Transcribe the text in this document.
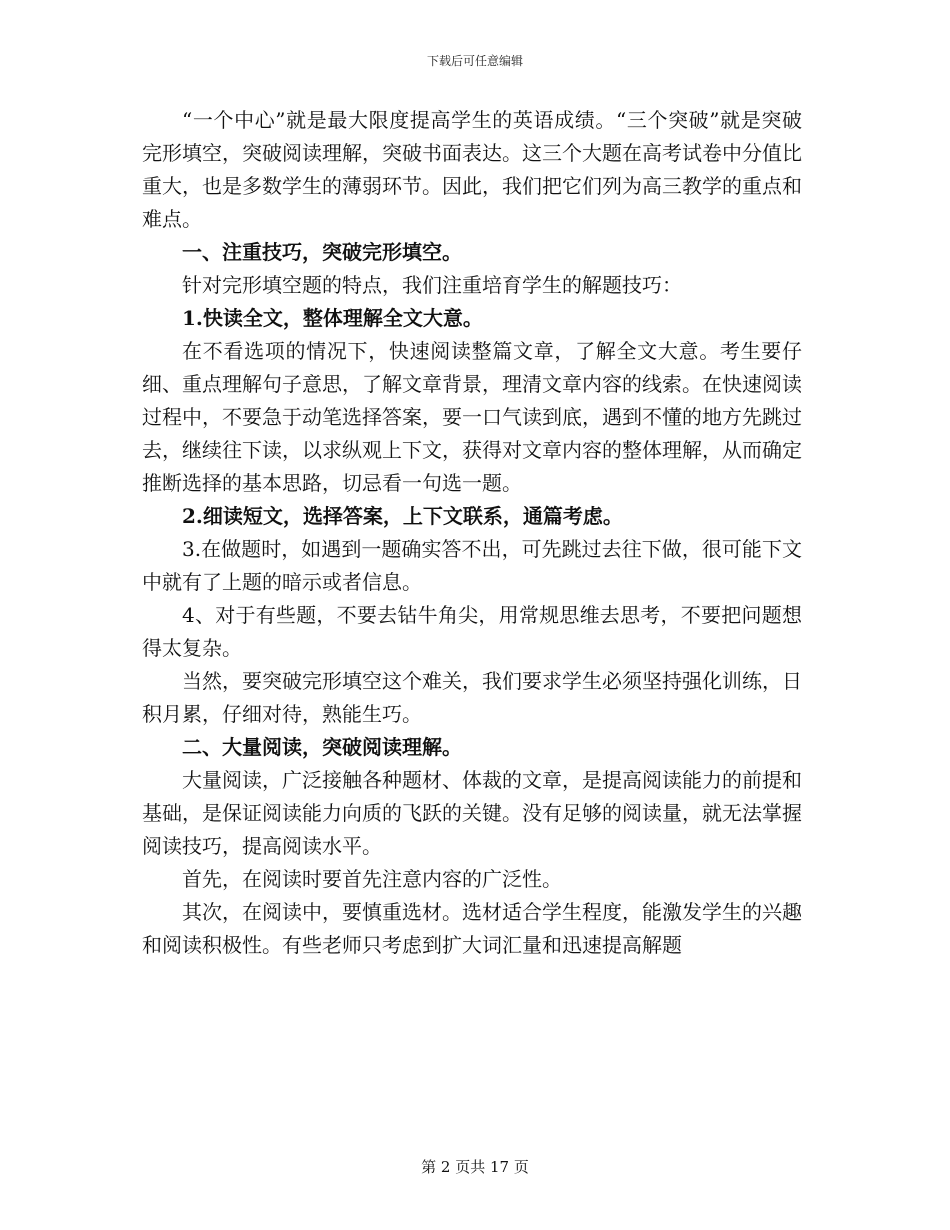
下载后可任意编辑

“一个中心”就是最大限度提高学生的英语成绩。“三个突破”就是突破完形填空，突破阅读理解，突破书面表达。这三个大题在高考试卷中分值比重大，也是多数学生的薄弱环节。因此，我们把它们列为高三教学的重点和难点。

一、注重技巧，突破完形填空。

针对完形填空题的特点，我们注重培育学生的解题技巧：

1.快读全文，整体理解全文大意。

在不看选项的情况下，快速阅读整篇文章，了解全文大意。考生要仔细、重点理解句子意思，了解文章背景，理清文章内容的线索。在快速阅读过程中，不要急于动笔选择答案，要一口气读到底，遇到不懂的地方先跳过去，继续往下读，以求纵观上下文，获得对文章内容的整体理解，从而确定推断选择的基本思路，切忌看一句选一题。

2.细读短文，选择答案，上下文联系，通篇考虑。

3.在做题时，如遇到一题确实答不出，可先跳过去往下做，很可能下文中就有了上题的暗示或者信息。

4、对于有些题，不要去钻牛角尖，用常规思维去思考，不要把问题想得太复杂。

当然，要突破完形填空这个难关，我们要求学生必须坚持强化训练，日积月累，仔细对待，熟能生巧。

二、大量阅读，突破阅读理解。

大量阅读，广泛接触各种题材、体裁的文章，是提高阅读能力的前提和基础，是保证阅读能力向质的飞跃的关键。没有足够的阅读量，就无法掌握阅读技巧，提高阅读水平。

首先，在阅读时要首先注意内容的广泛性。

其次，在阅读中，要慎重选材。选材适合学生程度，能激发学生的兴趣和阅读积极性。有些老师只考虑到扩大词汇量和迅速提高解题

第 2 页共 17 页
